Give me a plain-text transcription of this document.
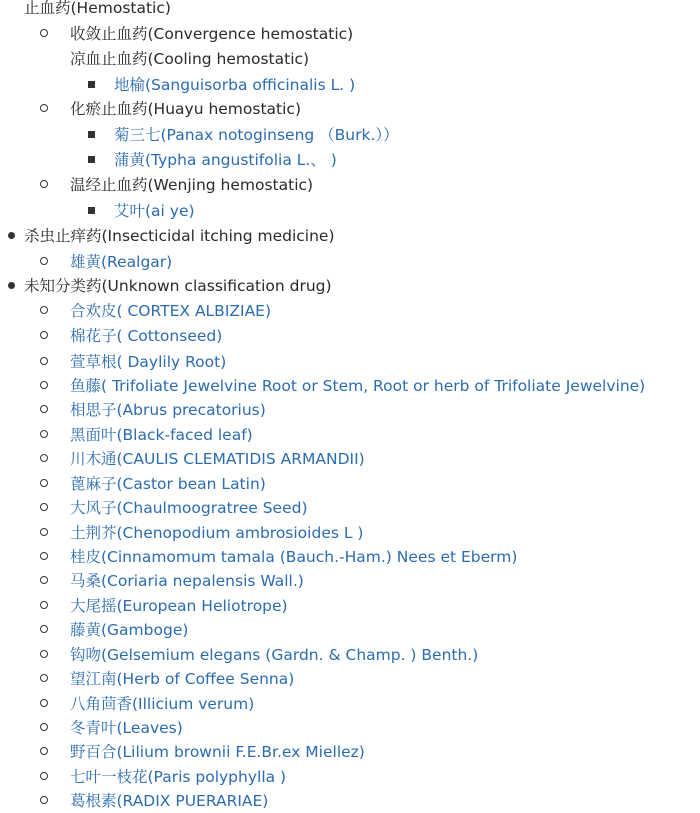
止血药(Hemostatic)
收敛止血药(Convergence hemostatic)
凉血止血药(Cooling hemostatic)
地榆(Sanguisorba officinalis L. )
化瘀止血药(Huayu hemostatic)
菊三七(Panax notoginseng （Burk.））
蒲黄(Typha angustifolia L.、 )
温经止血药(Wenjing hemostatic)
艾叶(ai ye)
杀虫止痒药(Insecticidal itching medicine)
雄黄(Realgar)
未知分类药(Unknown classification drug)
合欢皮( CORTEX ALBIZIAE)
棉花子( Cottonseed)
萱草根( Daylily Root)
鱼藤( Trifoliate Jewelvine Root or Stem, Root or herb of Trifoliate Jewelvine)
相思子(Abrus precatorius)
黑面叶(Black-faced leaf)
川木通(CAULIS CLEMATIDIS ARMANDII)
蓖麻子(Castor bean Latin)
大风子(Chaulmoogratree Seed)
土荆芥(Chenopodium ambrosioides L )
桂皮(Cinnamomum tamala (Bauch.-Ham.) Nees et Eberm)
马桑(Coriaria nepalensis Wall.)
大尾摇(European Heliotrope)
藤黄(Gamboge)
钩吻(Gelsemium elegans (Gardn. & Champ. ) Benth.)
望江南(Herb of Coffee Senna)
八角茴香(Illicium verum)
冬青叶(Leaves)
野百合(Lilium brownii F.E.Br.ex Miellez)
七叶一枝花(Paris polyphylla )
葛根素(RADIX PUERARIAE)
